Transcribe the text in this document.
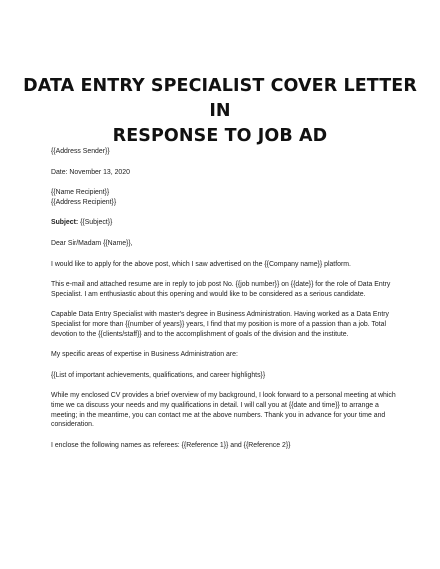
DATA ENTRY SPECIALIST COVER LETTER IN
RESPONSE TO JOB AD

{{Address Sender}}

Date: November 13, 2020

{{Name Recipient}}
{{Address Recipient}}

Subject: {{Subject}}

Dear Sir/Madam {{Name}},

I would like to apply for the above post, which I saw advertised on the {{Company name}} platform.

This e-mail and attached resume are in reply to job post No. {{job number}} on {{date}} for the role of Data Entry Specialist. I am enthusiastic about this opening and would like to be considered as a serious candidate.

Capable Data Entry Specialist with master's degree in Business Administration. Having worked as a Data Entry Specialist for more than {{number of years}} years, I find that my position is more of a passion than a job. Total devotion to the {{clients/staff}} and to the accomplishment of goals of the division and the institute.

My specific areas of expertise in Business Administration are:

{{List of important achievements, qualifications, and career highlights}}

While my enclosed CV provides a brief overview of my background, I look forward to a personal meeting at which time we ca discuss your needs and my qualifications in detail. I will call you at {{date and time}} to arrange a meeting; in the meantime, you can contact me at the above numbers. Thank you in advance for your time and consideration.

I enclose the following names as referees: {{Reference 1}} and {{Reference 2}}
